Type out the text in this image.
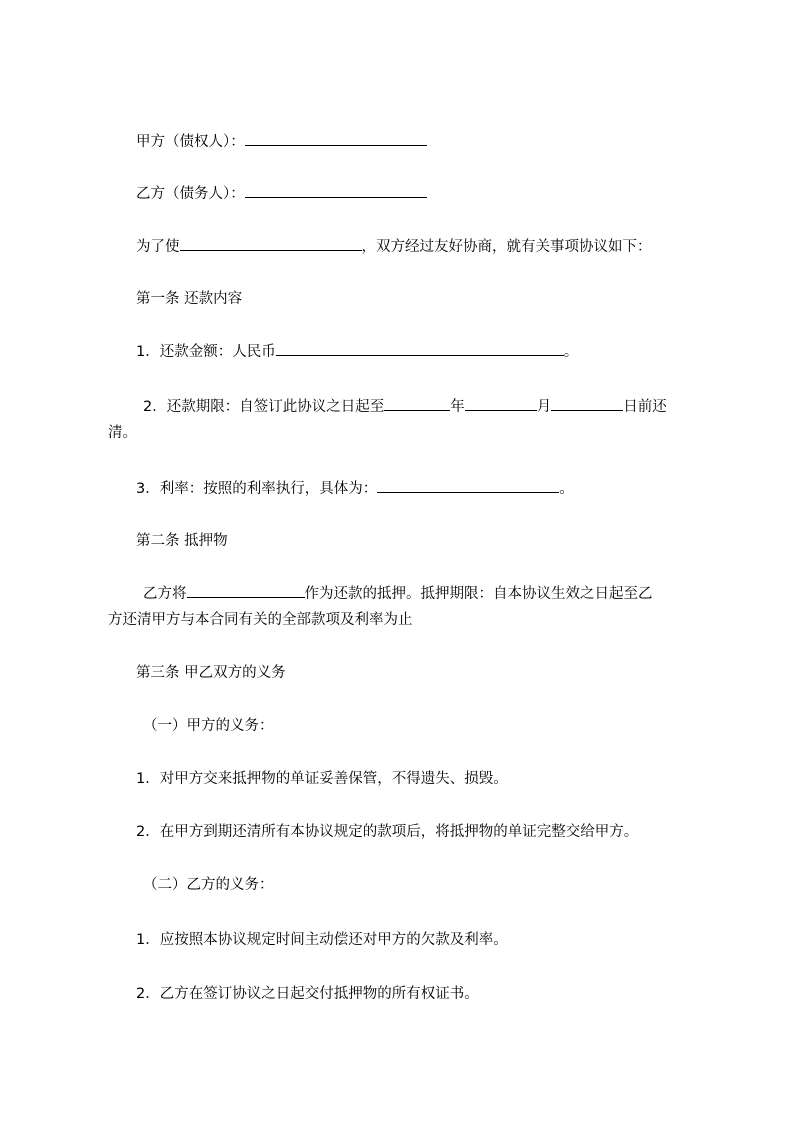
甲方（债权人）：
乙方（债务人）：
为了使	，双方经过友好协商，就有关事项协议如下：
第一条 还款内容
1．还款金额：人民币	。
2．还款期限：自签订此协议之日起至	年	月	日前还
清。
3．利率：按照的利率执行，具体为：	。
第二条 抵押物
乙方将	作为还款的抵押。抵押期限：自本协议生效之日起至乙
方还清甲方与本合同有关的全部款项及利率为止
第三条 甲乙双方的义务
（一）甲方的义务：
1．对甲方交来抵押物的单证妥善保管，不得遗失、损毁。
2．在甲方到期还清所有本协议规定的款项后，将抵押物的单证完整交给甲方。
（二）乙方的义务：
1．应按照本协议规定时间主动偿还对甲方的欠款及利率。
2．乙方在签订协议之日起交付抵押物的所有权证书。
